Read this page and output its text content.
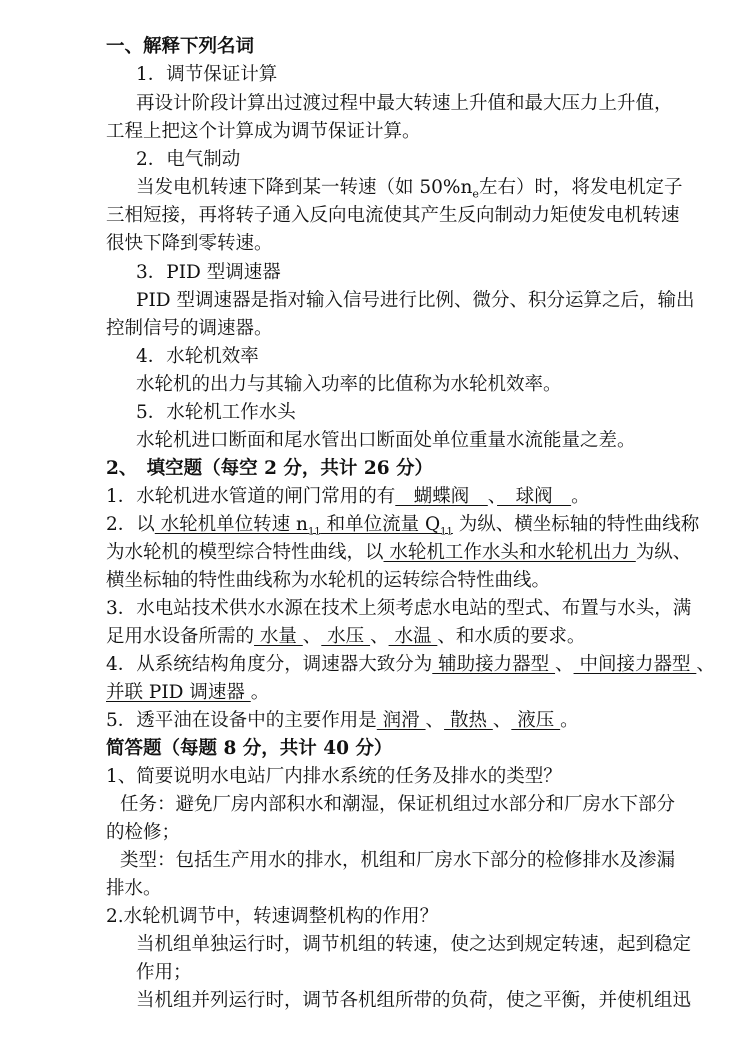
一、解释下列名词
1．调节保证计算
再设计阶段计算出过渡过程中最大转速上升值和最大压力上升值，
工程上把这个计算成为调节保证计算。
2．电气制动
当发电机转速下降到某一转速（如 $50\%n_e$左右）时，将发电机定子
三相短接，再将转子通入反向电流使其产生反向制动力矩使发电机转速
很快下降到零转速。
3．PID 型调速器
PID 型调速器是指对输入信号进行比例、微分、积分运算之后，输出
控制信号的调速器。
4．水轮机效率
水轮机的出力与其输入功率的比值称为水轮机效率。
5．水轮机工作水头
水轮机进口断面和尾水管出口断面处单位重量水流能量之差。
2、　填空题（每空 2 分，共计 26 分）
1．水轮机进水管道的闸门常用的有　蝴蝶阀　、　球阀　。
2．以 水轮机单位转速 $n_{11}$ 和单位流量 $Q_{11}$ 为纵、横坐标轴的特性曲线称
为水轮机的模型综合特性曲线，以 水轮机工作水头和水轮机出力 为纵、
横坐标轴的特性曲线称为水轮机的运转综合特性曲线。
3．水电站技术供水水源在技术上须考虑水电站的型式、布置与水头，满
足用水设备所需的 水量 、 水压 、 水温 、和水质的要求。
4．从系统结构角度分，调速器大致分为 辅助接力器型 、 中间接力器型 、
并联 PID 调速器 。
5．透平油在设备中的主要作用是 润滑 、 散热 、 液压 。
简答题（每题 8 分，共计 40 分）
1、简要说明水电站厂内排水系统的任务及排水的类型？
任务：避免厂房内部积水和潮湿，保证机组过水部分和厂房水下部分
的检修；
类型：包括生产用水的排水，机组和厂房水下部分的检修排水及渗漏
排水。
2.水轮机调节中，转速调整机构的作用？
当机组单独运行时，调节机组的转速，使之达到规定转速，起到稳定
作用；
当机组并列运行时，调节各机组所带的负荷，使之平衡，并使机组迅
